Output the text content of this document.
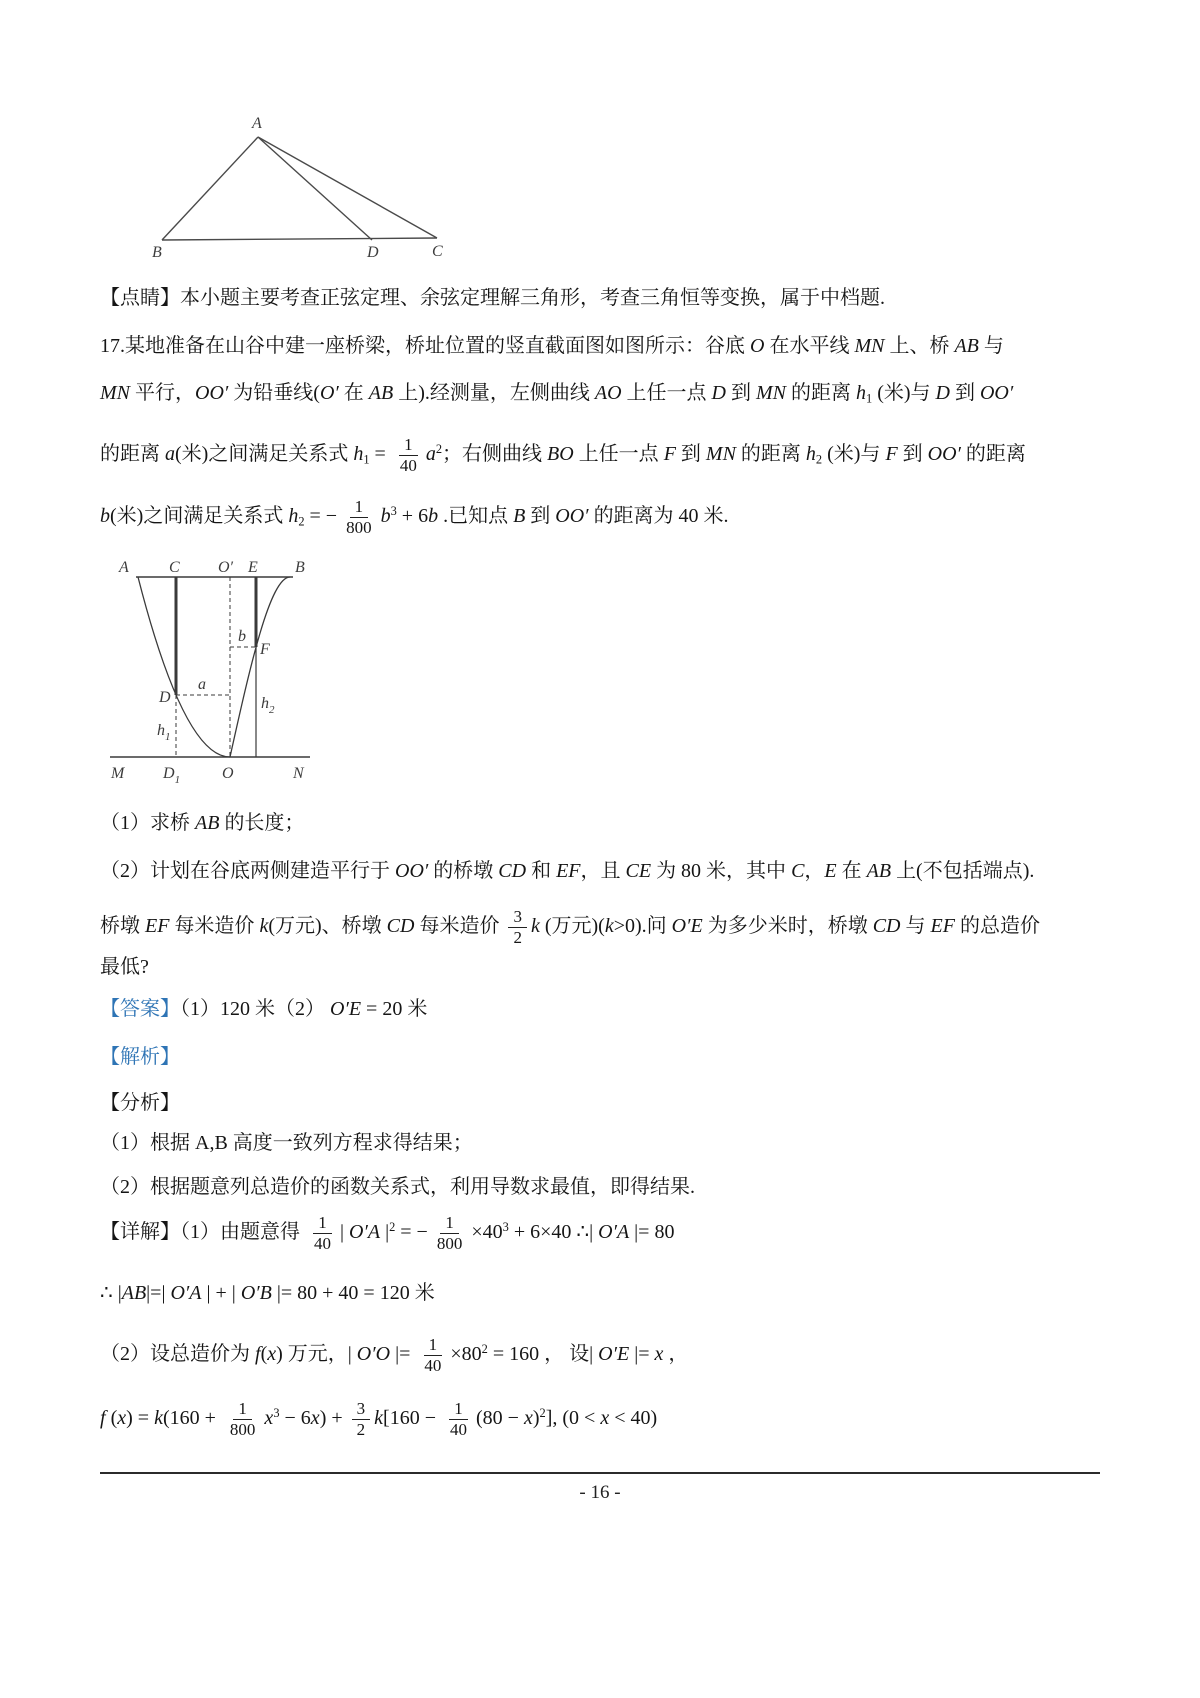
A
B	D	C
【点睛】本小题主要考查正弦定理、余弦定理解三角形，考查三角恒等变换，属于中档题.
17.某地准备在山谷中建一座桥梁，桥址位置的竖直截面图如图所示：谷底 O 在水平线 MN 上、桥 AB 与
MN 平行，OO′ 为铅垂线(O′ 在 AB 上).经测量，左侧曲线 AO 上任一点 D 到 MN 的距离 $h_1$ (米)与 D 到 OO′
的距离 a(米)之间满足关系式 $h_1 = \frac{1}{40} a^2$；右侧曲线 BO 上任一点 F 到 MN 的距离 $h_2$ (米)与 F 到 OO′ 的距离
b(米)之间满足关系式 $h_2$ = − $\frac{1}{800} b^3 + 6b$ .已知点 B 到 OO′ 的距离为 40 米.
A	C O′ E B
D
F
a
b
$h_1$
$h_2$
M $D_1$	O	N
（1）求桥 AB 的长度；
（2）计划在谷底两侧建造平行于 OO′ 的桥墩 CD 和 EF，且 CE 为 80 米，其中 C，E 在 AB 上(不包括端点).
桥墩 EF 每米造价 k(万元)、桥墩 CD 每米造价 $\frac{3}{2}$ k (万元)(k>0).问 O′E 为多少米时，桥墩 CD 与 EF 的总造价
最低?
【答案】（1）120 米（2） O′E = 20 米
【解析】
【分析】
（1）根据 A,B 高度一致列方程求得结果；
（2）根据题意列总造价的函数关系式，利用导数求最值，即得结果.
【详解】（1）由题意得 $\frac{1}{40}$ | O′A $|^2$ = − $\frac{1}{800} \times 40^3 + 6\times 40$ ∴| O′A |= 80
∴ |AB|=| O′A | + | O′B |= 80 + 40 = 120 米
（2）设总造价为 f(x) 万元，| O′O |= $\frac{1}{40} \times 80^2 = 160$ ， 设| O′E |= x ，
f $(x) = k(160 + \frac{1}{800} x^3 - 6x) + \frac{3}{2} k[160 - \frac{1}{40} (80 - x)^2]$, (0 < x < 40)
- 16 -
